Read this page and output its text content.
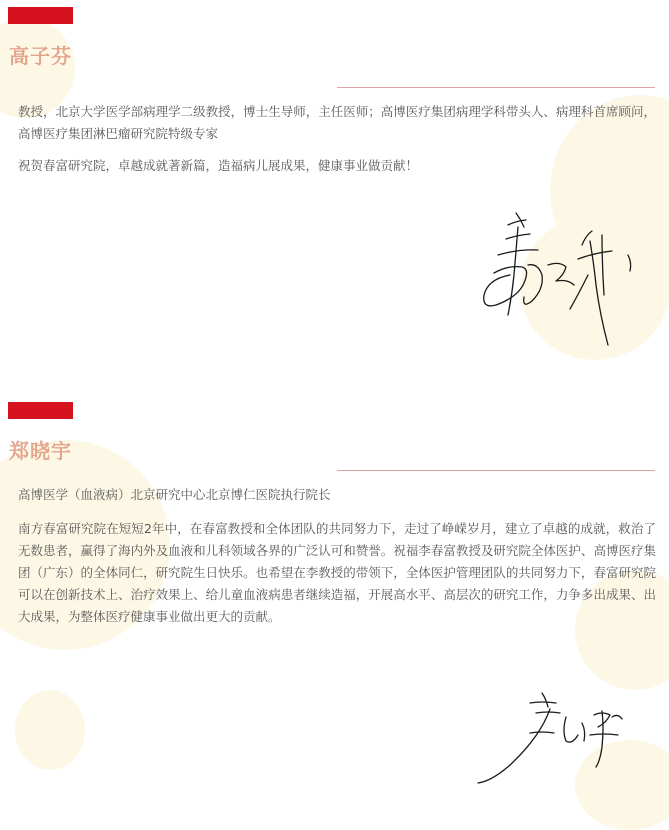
高子芬

教授，北京大学医学部病理学二级教授，博士生导师，主任医师；高博医疗集团病理学科带头人、病理科首席顾问，高博医疗集团淋巴瘤研究院特级专家

祝贺春富研究院，卓越成就著新篇，造福病儿展成果，健康事业做贡献！

郑晓宇

高博医学（血液病）北京研究中心北京博仁医院执行院长

南方春富研究院在短短2年中，在春富教授和全体团队的共同努力下，走过了峥嵘岁月，建立了卓越的成就，救治了无数患者，赢得了海内外及血液和儿科领域各界的广泛认可和赞誉。祝福李春富教授及研究院全体医护、高博医疗集团（广东）的全体同仁，研究院生日快乐。也希望在李教授的带领下，全体医护管理团队的共同努力下，春富研究院可以在创新技术上、治疗效果上、给儿童血液病患者继续造福，开展高水平、高层次的研究工作，力争多出成果、出大成果，为整体医疗健康事业做出更大的贡献。
